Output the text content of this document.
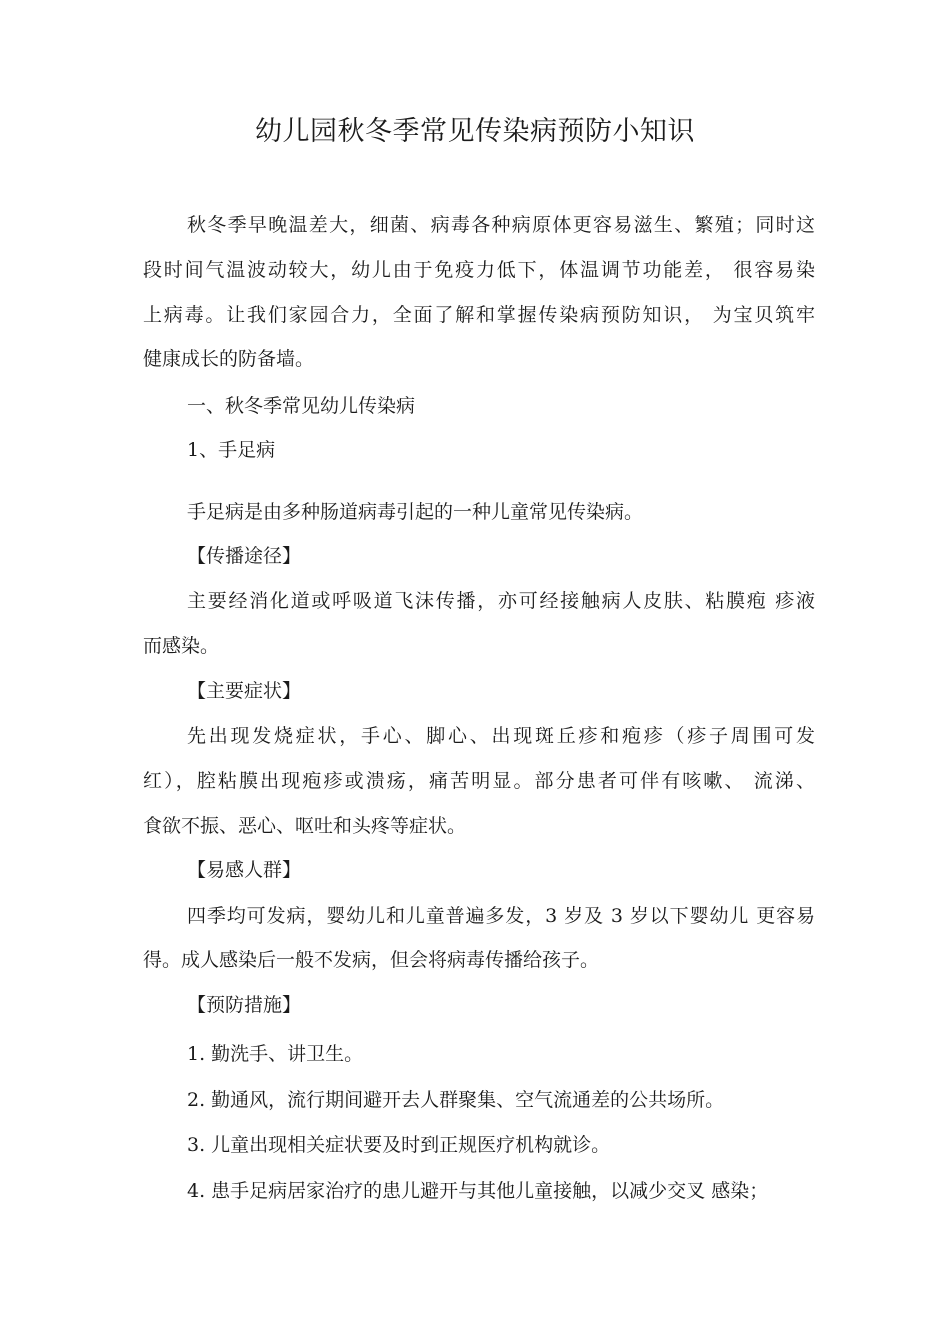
幼儿园秋冬季常见传染病预防小知识
秋冬季早晚温差大，细菌、病毒各种病原体更容易滋生、繁殖；同时这
段时间气温波动较大，幼儿由于免疫力低下，体温调节功能差， 很容易染
上病毒。让我们家园合力，全面了解和掌握传染病预防知识， 为宝贝筑牢
健康成长的防备墙。
一、秋冬季常见幼儿传染病
1、手足病
手足病是由多种肠道病毒引起的一种儿童常见传染病。
【传播途径】
主要经消化道或呼吸道飞沫传播，亦可经接触病人皮肤、粘膜疱 疹液
而感染。
【主要症状】
先出现发烧症状，手心、脚心、出现斑丘疹和疱疹（疹子周围可发
红），腔粘膜出现疱疹或溃疡，痛苦明显。部分患者可伴有咳嗽、 流涕、
食欲不振、恶心、呕吐和头疼等症状。
【易感人群】
四季均可发病，婴幼儿和儿童普遍多发，3 岁及 3 岁以下婴幼儿 更容易
得。成人感染后一般不发病，但会将病毒传播给孩子。
【预防措施】
1. 勤洗手、讲卫生。
2. 勤通风，流行期间避开去人群聚集、空气流通差的公共场所。
3. 儿童出现相关症状要及时到正规医疗机构就诊。
4. 患手足病居家治疗的患儿避开与其他儿童接触，以减少交叉 感染；
